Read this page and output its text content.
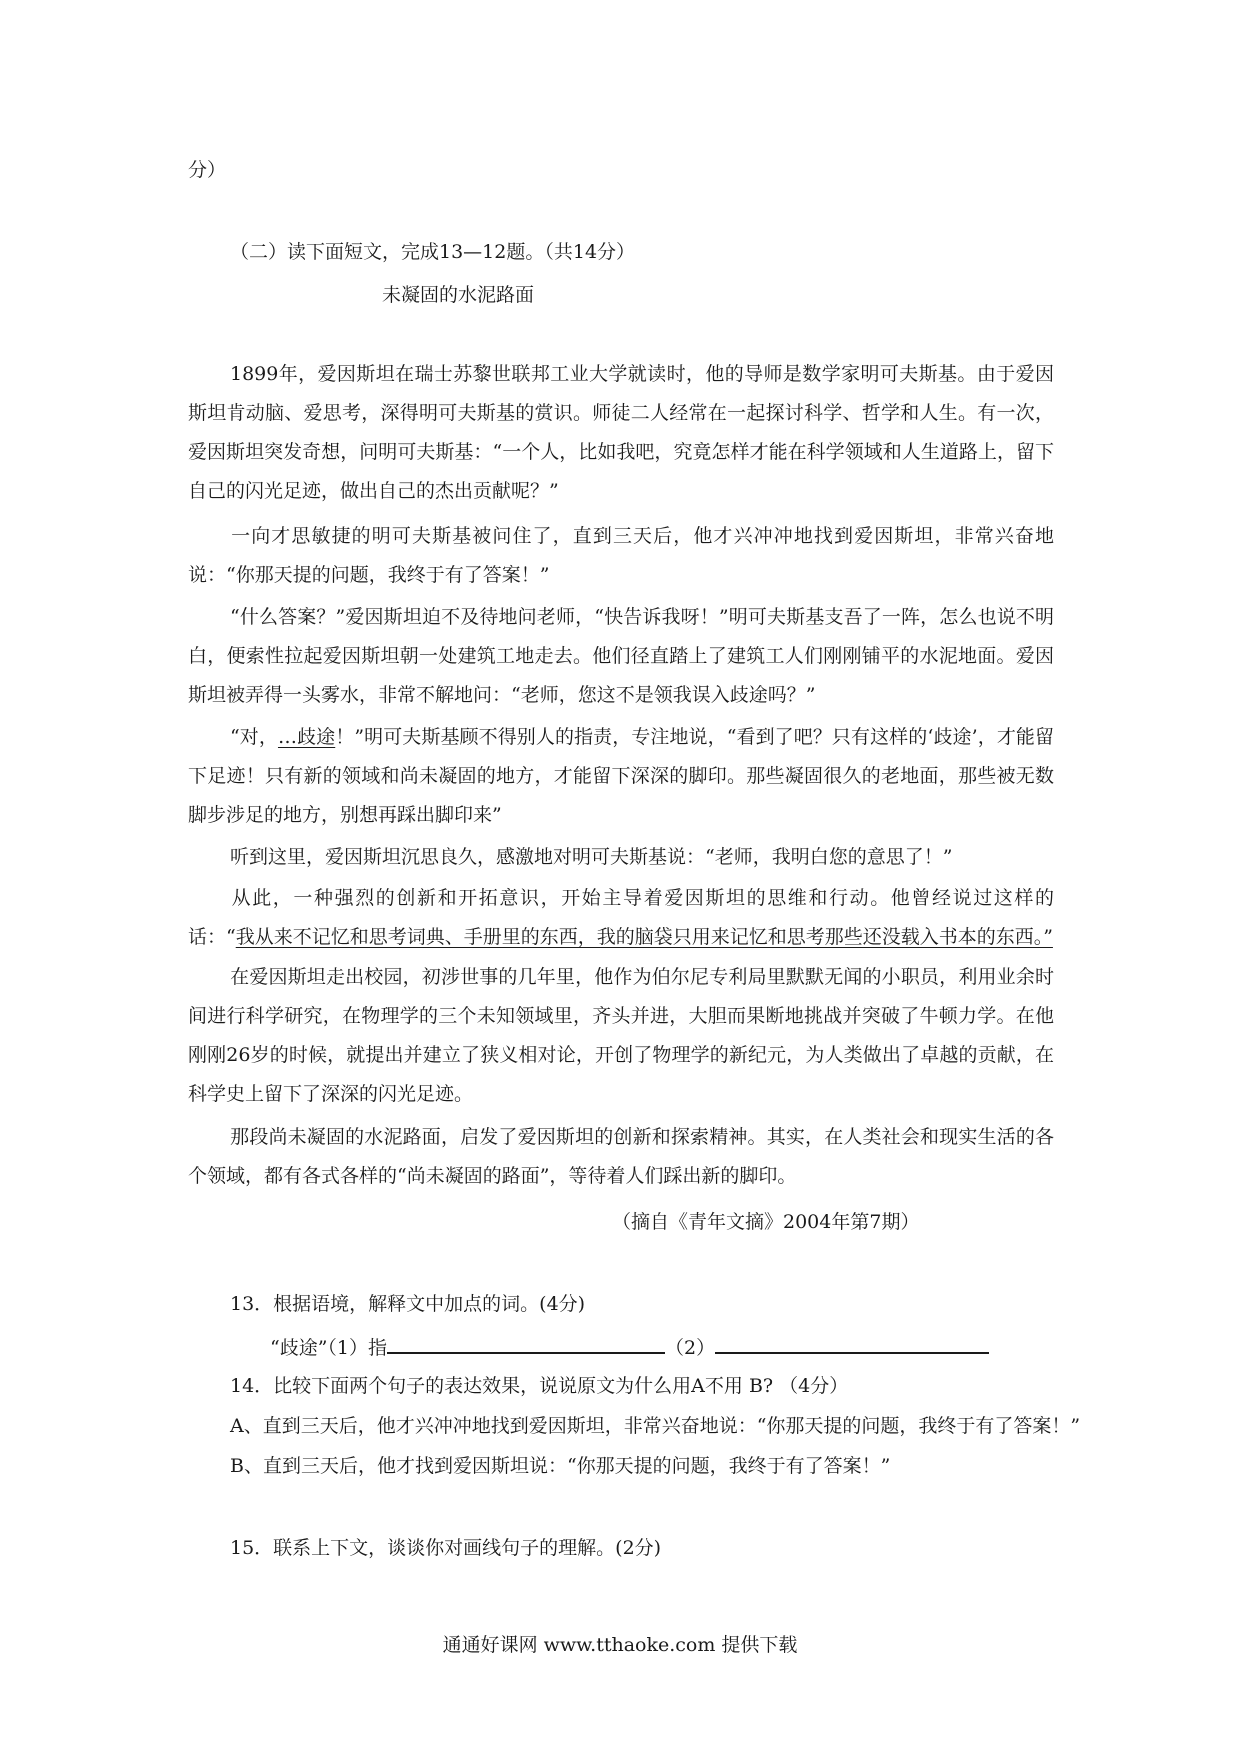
分）
（二）读下面短文，完成13—12题。（共14分）
未凝固的水泥路面
1899年，爱因斯坦在瑞士苏黎世联邦工业大学就读时，他的导师是数学家明可夫斯基。由于爱因斯坦肯动脑、爱思考，深得明可夫斯基的赏识。师徒二人经常在一起探讨科学、哲学和人生。有一次，爱因斯坦突发奇想，问明可夫斯基：“一个人，比如我吧，究竟怎样才能在科学领域和人生道路上，留下自己的闪光足迹，做出自己的杰出贡献呢？”
一向才思敏捷的明可夫斯基被问住了，直到三天后，他才兴冲冲地找到爱因斯坦，非常兴奋地说：“你那天提的问题，我终于有了答案！”
“什么答案？”爱因斯坦迫不及待地问老师，“快告诉我呀！”明可夫斯基支吾了一阵，怎么也说不明白，便索性拉起爱因斯坦朝一处建筑工地走去。他们径直踏上了建筑工人们刚刚铺平的水泥地面。爱因斯坦被弄得一头雾水，非常不解地问：“老师，您这不是领我误入歧途吗？”
“对，…歧途！”明可夫斯基顾不得别人的指责，专注地说，“看到了吧？只有这样的‘歧途’，才能留下足迹！只有新的领域和尚未凝固的地方，才能留下深深的脚印。那些凝固很久的老地面，那些被无数脚步涉足的地方，别想再踩出脚印来”
听到这里，爱因斯坦沉思良久，感激地对明可夫斯基说：“老师，我明白您的意思了！”
从此，一种强烈的创新和开拓意识，开始主导着爱因斯坦的思维和行动。他曾经说过这样的话：“我从来不记忆和思考词典、手册里的东西，我的脑袋只用来记忆和思考那些还没载入书本的东西。”
在爱因斯坦走出校园，初涉世事的几年里，他作为伯尔尼专利局里默默无闻的小职员，利用业余时间进行科学研究，在物理学的三个未知领域里，齐头并进，大胆而果断地挑战并突破了牛顿力学。在他刚刚26岁的时候，就提出并建立了狭义相对论，开创了物理学的新纪元，为人类做出了卓越的贡献，在科学史上留下了深深的闪光足迹。
那段尚未凝固的水泥路面，启发了爱因斯坦的创新和探索精神。其实，在人类社会和现实生活的各个领域，都有各式各样的“尚未凝固的路面”，等待着人们踩出新的脚印。
（摘自《青年文摘》2004年第7期）
13．根据语境，解释文中加点的词。(4分)
“歧途”（1）指	（2）
14．比较下面两个句子的表达效果，说说原文为什么用A不用 B? （4分）
A、直到三天后，他才兴冲冲地找到爱因斯坦，非常兴奋地说：“你那天提的问题，我终于有了答案！”
B、直到三天后，他才找到爱因斯坦说：“你那天提的问题，我终于有了答案！”
15．联系上下文，谈谈你对画线句子的理解。(2分)
通通好课网 www.tthaoke.com 提供下载
